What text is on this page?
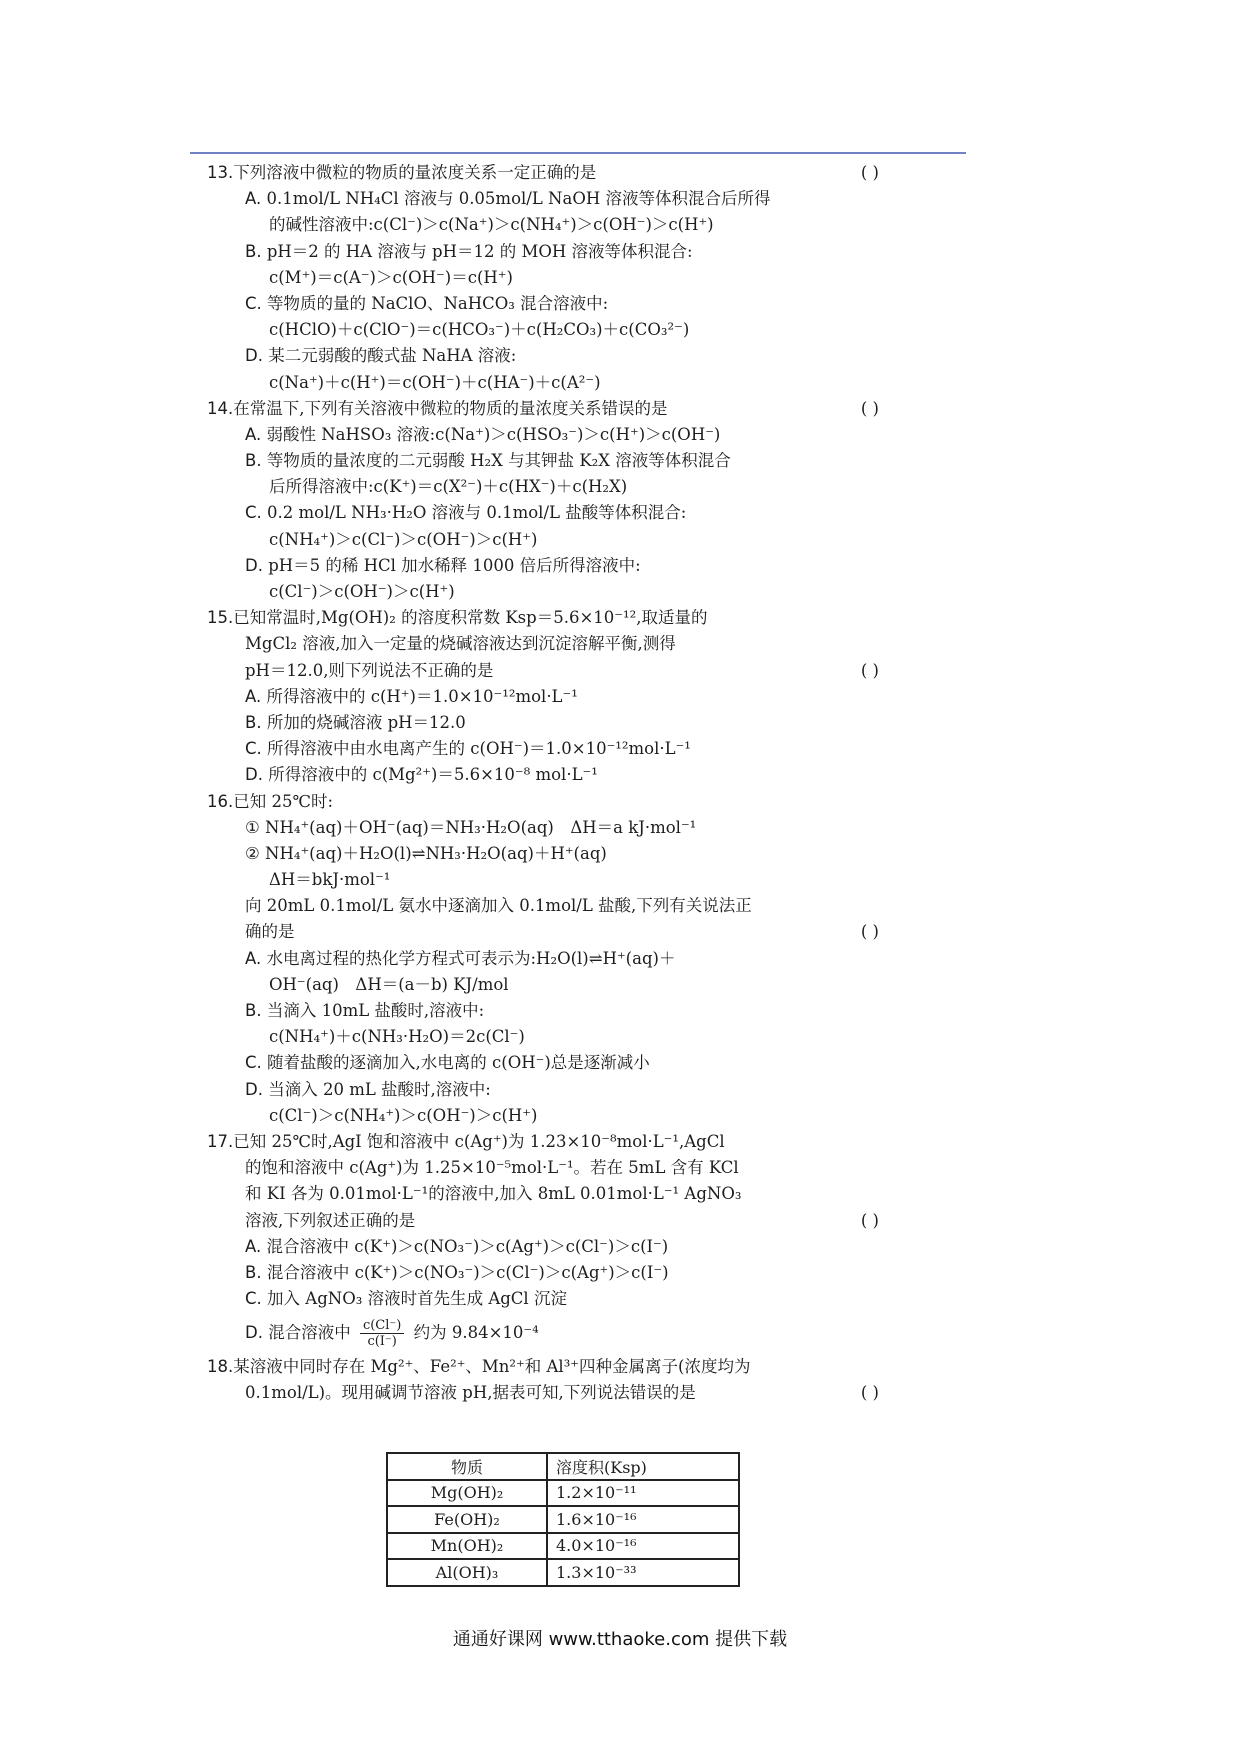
13.下列溶液中微粒的物质的量浓度关系一定正确的是	( )
A. 0.1mol/L NH₄Cl 溶液与 0.05mol/L NaOH 溶液等体积混合后所得
的碱性溶液中:c(Cl⁻)＞c(Na⁺)＞c(NH₄⁺)＞c(OH⁻)＞c(H⁺)
B. pH＝2 的 HA 溶液与 pH＝12 的 MOH 溶液等体积混合:
c(M⁺)＝c(A⁻)＞c(OH⁻)＝c(H⁺)
C. 等物质的量的 NaClO、NaHCO₃ 混合溶液中:
c(HClO)＋c(ClO⁻)＝c(HCO₃⁻)＋c(H₂CO₃)＋c(CO₃²⁻)
D. 某二元弱酸的酸式盐 NaHA 溶液:
c(Na⁺)＋c(H⁺)＝c(OH⁻)＋c(HA⁻)＋c(A²⁻)
14.在常温下,下列有关溶液中微粒的物质的量浓度关系错误的是	( )
A. 弱酸性 NaHSO₃ 溶液:c(Na⁺)＞c(HSO₃⁻)＞c(H⁺)＞c(OH⁻)
B. 等物质的量浓度的二元弱酸 H₂X 与其钾盐 K₂X 溶液等体积混合
后所得溶液中:c(K⁺)＝c(X²⁻)＋c(HX⁻)＋c(H₂X)
C. 0.2 mol/L NH₃·H₂O 溶液与 0.1mol/L 盐酸等体积混合:
c(NH₄⁺)＞c(Cl⁻)＞c(OH⁻)＞c(H⁺)
D. pH＝5 的稀 HCl 加水稀释 1000 倍后所得溶液中:
c(Cl⁻)＞c(OH⁻)＞c(H⁺)
15.已知常温时,Mg(OH)₂ 的溶度积常数 Ksp＝5.6×10⁻¹²,取适量的
MgCl₂ 溶液,加入一定量的烧碱溶液达到沉淀溶解平衡,测得
pH＝12.0,则下列说法不正确的是	( )
A. 所得溶液中的 c(H⁺)＝1.0×10⁻¹²mol·L⁻¹
B. 所加的烧碱溶液 pH＝12.0
C. 所得溶液中由水电离产生的 c(OH⁻)＝1.0×10⁻¹²mol·L⁻¹
D. 所得溶液中的 c(Mg²⁺)＝5.6×10⁻⁸ mol·L⁻¹
16.已知 25℃时:
① NH₄⁺(aq)＋OH⁻(aq)＝NH₃·H₂O(aq)　ΔH＝a kJ·mol⁻¹
② NH₄⁺(aq)＋H₂O(l)⇌NH₃·H₂O(aq)＋H⁺(aq)
ΔH＝bkJ·mol⁻¹
向 20mL 0.1mol/L 氨水中逐滴加入 0.1mol/L 盐酸,下列有关说法正
确的是	( )
A. 水电离过程的热化学方程式可表示为:H₂O(l)⇌H⁺(aq)＋
OH⁻(aq)　ΔH＝(a－b) KJ/mol
B. 当滴入 10mL 盐酸时,溶液中:
c(NH₄⁺)＋c(NH₃·H₂O)＝2c(Cl⁻)
C. 随着盐酸的逐滴加入,水电离的 c(OH⁻)总是逐渐减小
D. 当滴入 20 mL 盐酸时,溶液中:
c(Cl⁻)＞c(NH₄⁺)＞c(OH⁻)＞c(H⁺)
17.已知 25℃时,AgI 饱和溶液中 c(Ag⁺)为 1.23×10⁻⁸mol·L⁻¹,AgCl
的饱和溶液中 c(Ag⁺)为 1.25×10⁻⁵mol·L⁻¹。若在 5mL 含有 KCl
和 KI 各为 0.01mol·L⁻¹的溶液中,加入 8mL 0.01mol·L⁻¹ AgNO₃
溶液,下列叙述正确的是	( )
A. 混合溶液中 c(K⁺)＞c(NO₃⁻)＞c(Ag⁺)＞c(Cl⁻)＞c(I⁻)
B. 混合溶液中 c(K⁺)＞c(NO₃⁻)＞c(Cl⁻)＞c(Ag⁺)＞c(I⁻)
C. 加入 AgNO₃ 溶液时首先生成 AgCl 沉淀
D. 混合溶液中 $\frac{c(Cl^-)}{c(I^-)}$ 约为 9.84×10⁻⁴
18.某溶液中同时存在 Mg²⁺、Fe²⁺、Mn²⁺和 Al³⁺四种金属离子(浓度均为
0.1mol/L)。现用碱调节溶液 pH,据表可知,下列说法错误的是	( )
物质	溶度积(Ksp)
Mg(OH)₂	1.2×10⁻¹¹
Fe(OH)₂	1.6×10⁻¹⁶
Mn(OH)₂	4.0×10⁻¹⁶
Al(OH)₃	1.3×10⁻³³
通通好课网 www.tthaoke.com 提供下载
